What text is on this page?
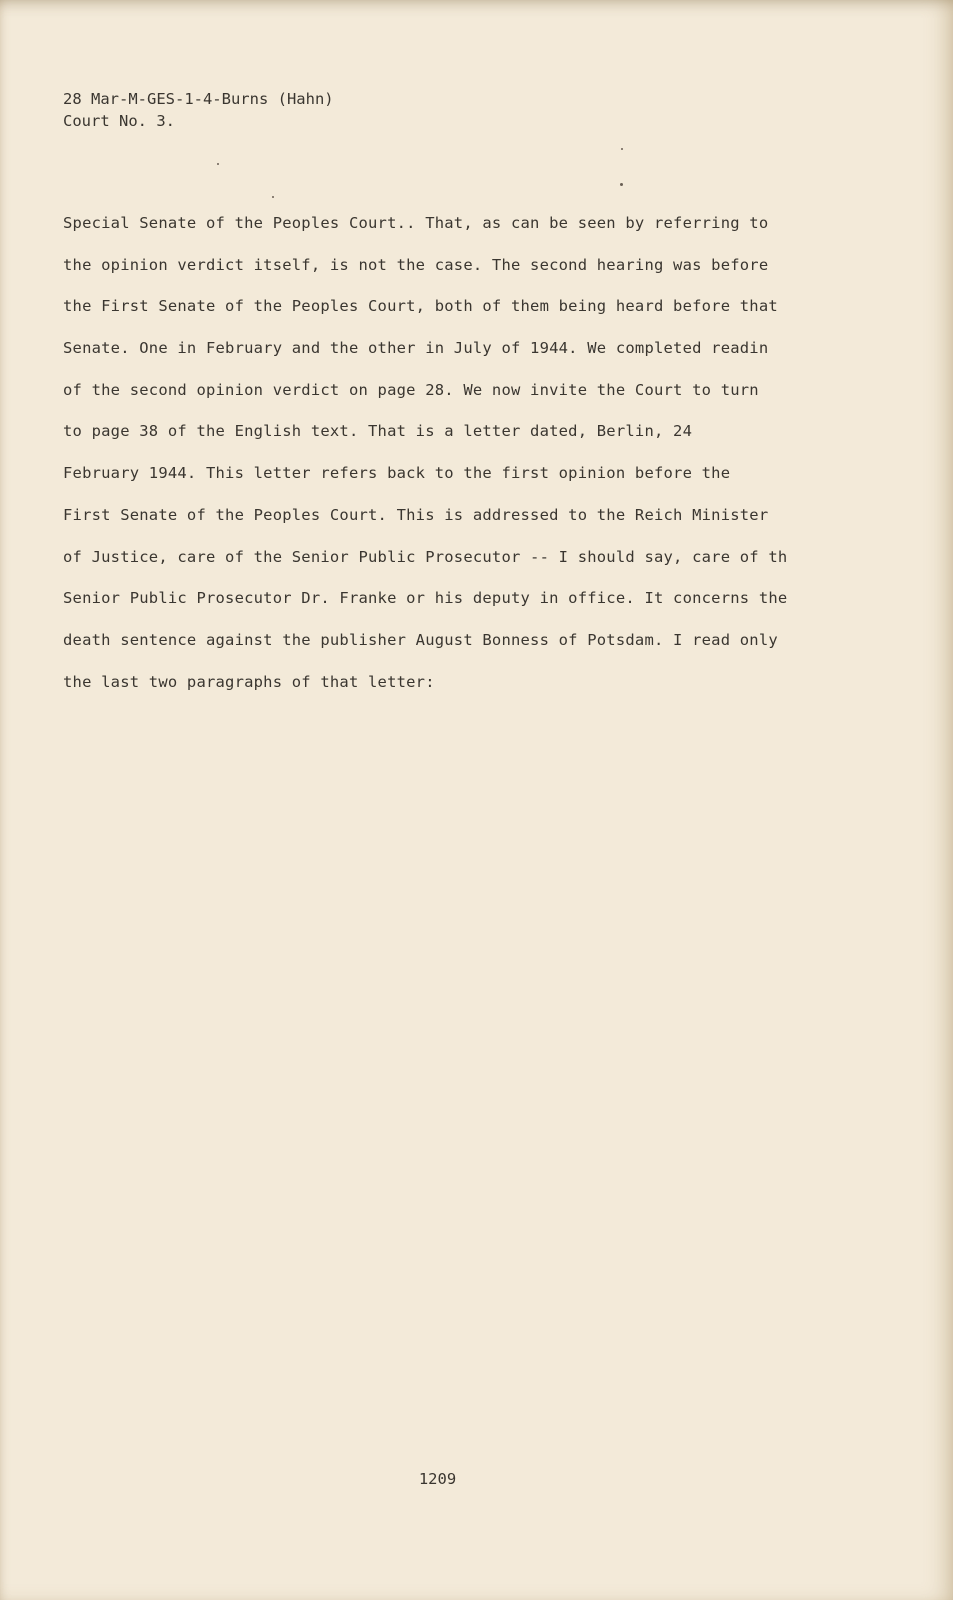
28 Mar-M-GES-1-4-Burns (Hahn)
Court No. 3.
Special Senate of the Peoples Court.. That, as can be seen by referring to
the opinion verdict itself, is not the case. The second hearing was before
the First Senate of the Peoples Court, both of them being heard before that
Senate. One in February and the other in July of 1944. We completed readin
of the second opinion verdict on page 28. We now invite the Court to turn
to page 38 of the English text. That is a letter dated, Berlin, 24
February 1944. This letter refers back to the first opinion before the
First Senate of the Peoples Court. This is addressed to the Reich Minister
of Justice, care of the Senior Public Prosecutor -- I should say, care of th
Senior Public Prosecutor Dr. Franke or his deputy in office. It concerns the
death sentence against the publisher August Bonness of Potsdam. I read only
the last two paragraphs of that letter:
1209
